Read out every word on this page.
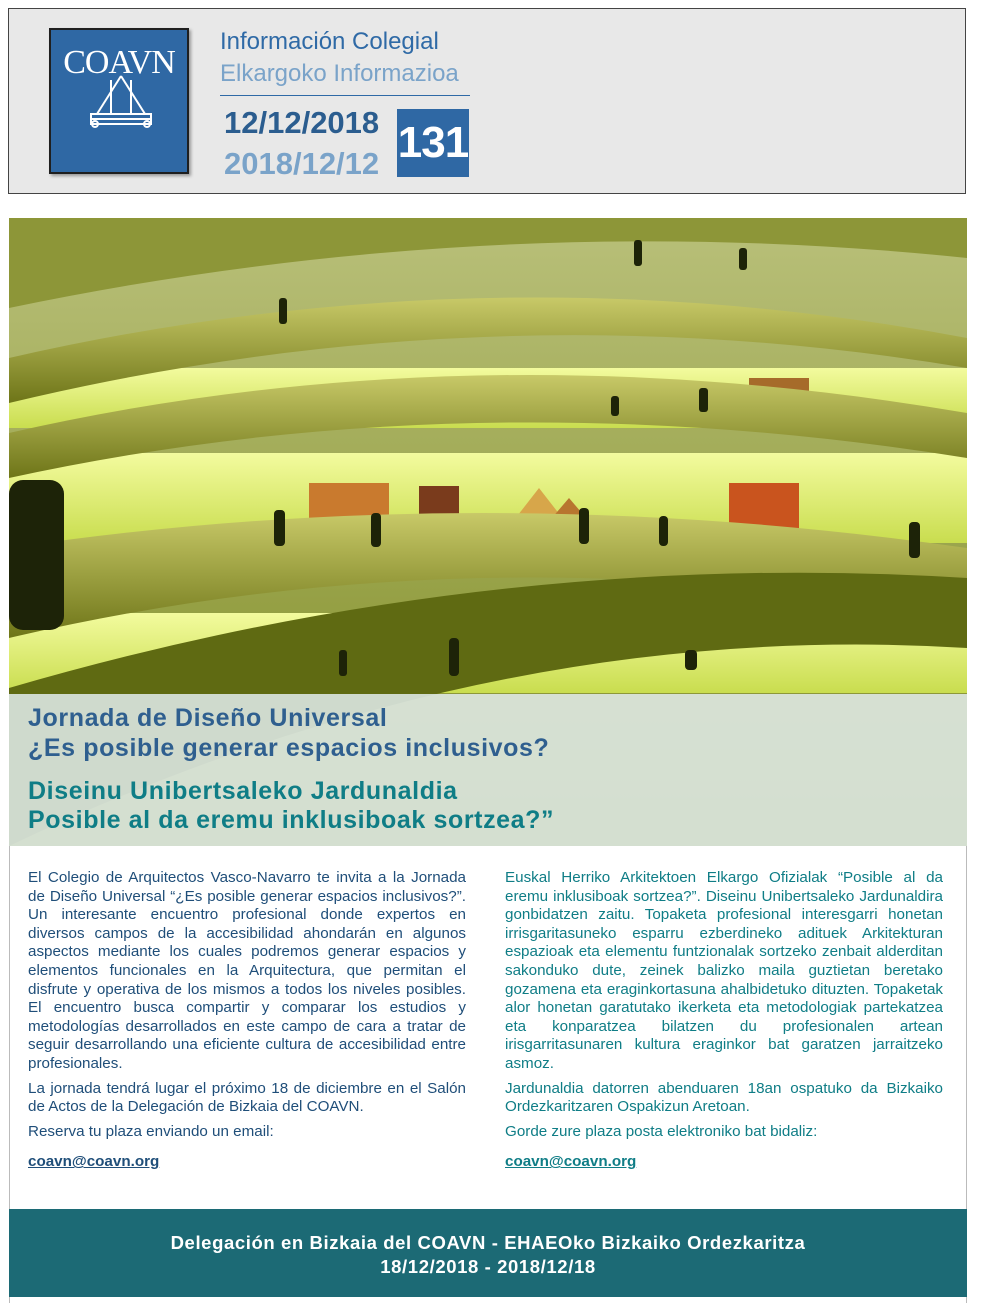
COAVN
Información Colegial
Elkargoko Informazioa
12/12/2018
2018/12/12 131
Jornada de Diseño Universal
¿Es posible generar espacios inclusivos?
Diseinu Unibertsaleko Jardunaldia
Posible al da eremu inklusiboak sortzea?”

El Colegio de Arquitectos Vasco-Navarro te invita a la Jornada de Diseño Universal “¿Es posible generar espacios inclusivos?”. Un interesante encuentro profesional donde expertos en diversos campos de la accesibilidad ahondarán en algunos aspectos mediante los cuales podremos generar espacios y elementos funcionales en la Arquitectura, que permitan el disfrute y operativa de los mismos a todos los niveles posibles. El encuentro busca compartir y comparar los estudios y metodologías desarrollados en este campo de cara a tratar de seguir desarrollando una eficiente cultura de accesibilidad entre profesionales.

La jornada tendrá lugar el próximo 18 de diciembre en el Salón de Actos de la Delegación de Bizkaia del COAVN.

Reserva tu plaza enviando un email:

coavn@coavn.org

Euskal Herriko Arkitektoen Elkargo Ofizialak “Posible al da eremu inklusiboak sortzea?”. Diseinu Unibertsaleko Jardunaldira gonbidatzen zaitu. Topaketa profesional interesgarri honetan irrisgaritasuneko esparru ezberdineko adituek Arkitekturan espazioak eta elementu funtzionalak sortzeko zenbait alderditan sakonduko dute, zeinek balizko maila guztietan beretako gozamena eta eraginkortasuna ahalbidetuko dituzten. Topaketak alor honetan garatutako ikerketa eta metodologiak partekatzea eta konparatzea bilatzen du profesionalen artean irisgarritasunaren kultura eraginkor bat garatzen jarraitzeko asmoz.

Jardunaldia datorren abenduaren 18an ospatuko da Bizkaiko Ordezkaritzaren Ospakizun Aretoan.

Gorde zure plaza posta elektroniko bat bidaliz:

coavn@coavn.org
Delegación en Bizkaia del COAVN - EHAEOko Bizkaiko Ordezkaritza
18/12/2018 - 2018/12/18
